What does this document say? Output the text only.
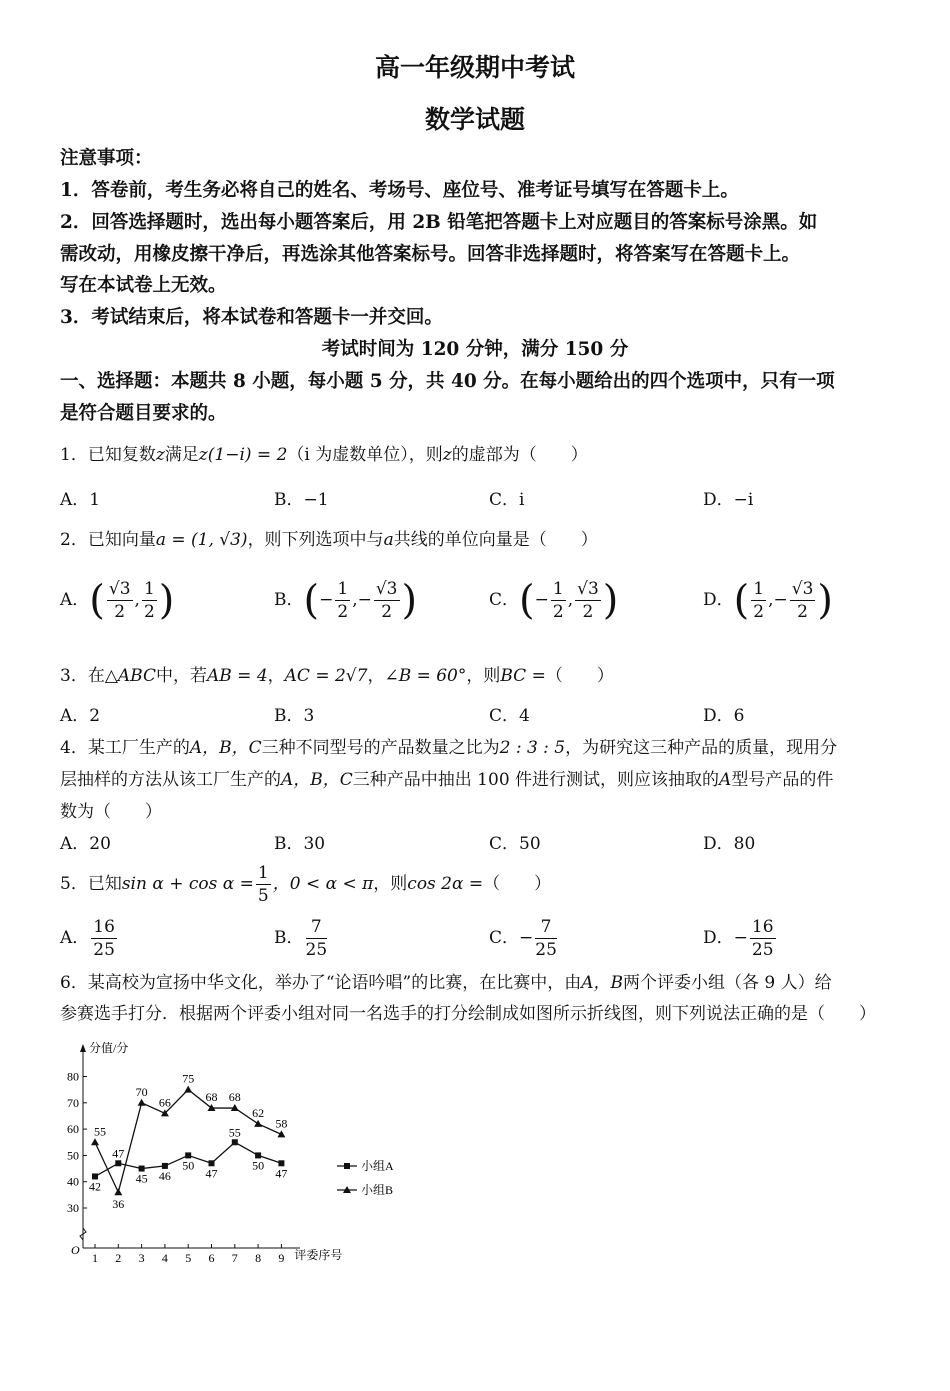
高一年级期中考试
数学试题
注意事项：
1．答卷前，考生务必将自己的姓名、考场号、座位号、准考证号填写在答题卡上。
2．回答选择题时，选出每小题答案后，用 2B 铅笔把答题卡上对应题目的答案标号涂黑。如
需改动，用橡皮擦干净后，再选涂其他答案标号。回答非选择题时，将答案写在答题卡上。
写在本试卷上无效。
3．考试结束后，将本试卷和答题卡一并交回。
考试时间为 120 分钟，满分 150 分
一、选择题：本题共 8 小题，每小题 5 分，共 40 分。在每小题给出的四个选项中，只有一项
是符合题目要求的。
1．已知复数z满足z(1−i) = 2（i 为虚数单位），则z的虚部为（　　）
A．1	B．−1	C．i	D．−i
2．已知向量a = (1, √3)，则下列选项中与a共线的单位向量是（　　）
A．( $\frac{√3}{2}$ , $\frac{1}{2}$ )	B．(− $\frac{1}{2}$ ,− $\frac{√3}{2}$ )	C．(− $\frac{1}{2}$ , $\frac{√3}{2}$ )	D．( $\frac{1}{2}$ ,− $\frac{√3}{2}$ )
3．在△ABC中，若AB = 4，AC = 2√7，∠B = 60°，则BC =（　　）
A．2	B．3	C．4	D．6
4．某工厂生产的A，B，C三种不同型号的产品数量之比为2 : 3 : 5，为研究这三种产品的质量，现用分
层抽样的方法从该工厂生产的A，B，C三种产品中抽出 100 件进行测试，则应该抽取的A型号产品的件
数为（　　）
A．20	B．30	C．50	D．80
5．已知$\sin \alpha + \cos \alpha = \frac{1}{5}$ ，0 < α < π，则cos 2α =（　　）
A． $\frac{16}{25}$	B． $\frac{7}{25}$	C．− $\frac{7}{25}$	D．− $\frac{16}{25}$
6．某高校为宣扬中华文化，举办了“论语吟唱”的比赛，在比赛中，由A，B两个评委小组（各 9 人）给
参赛选手打分．根据两个评委小组对同一名选手的打分绘制成如图所示折线图，则下列说法正确的是（　　）
分值/分
O	评委序号
30
40
50
60
70
80
1 2 3 4 5 6 7 8 9
42
47
45 46
50
47
55
50
47
55
36
70
66
75
68 68
62
58
小组A
小组B
